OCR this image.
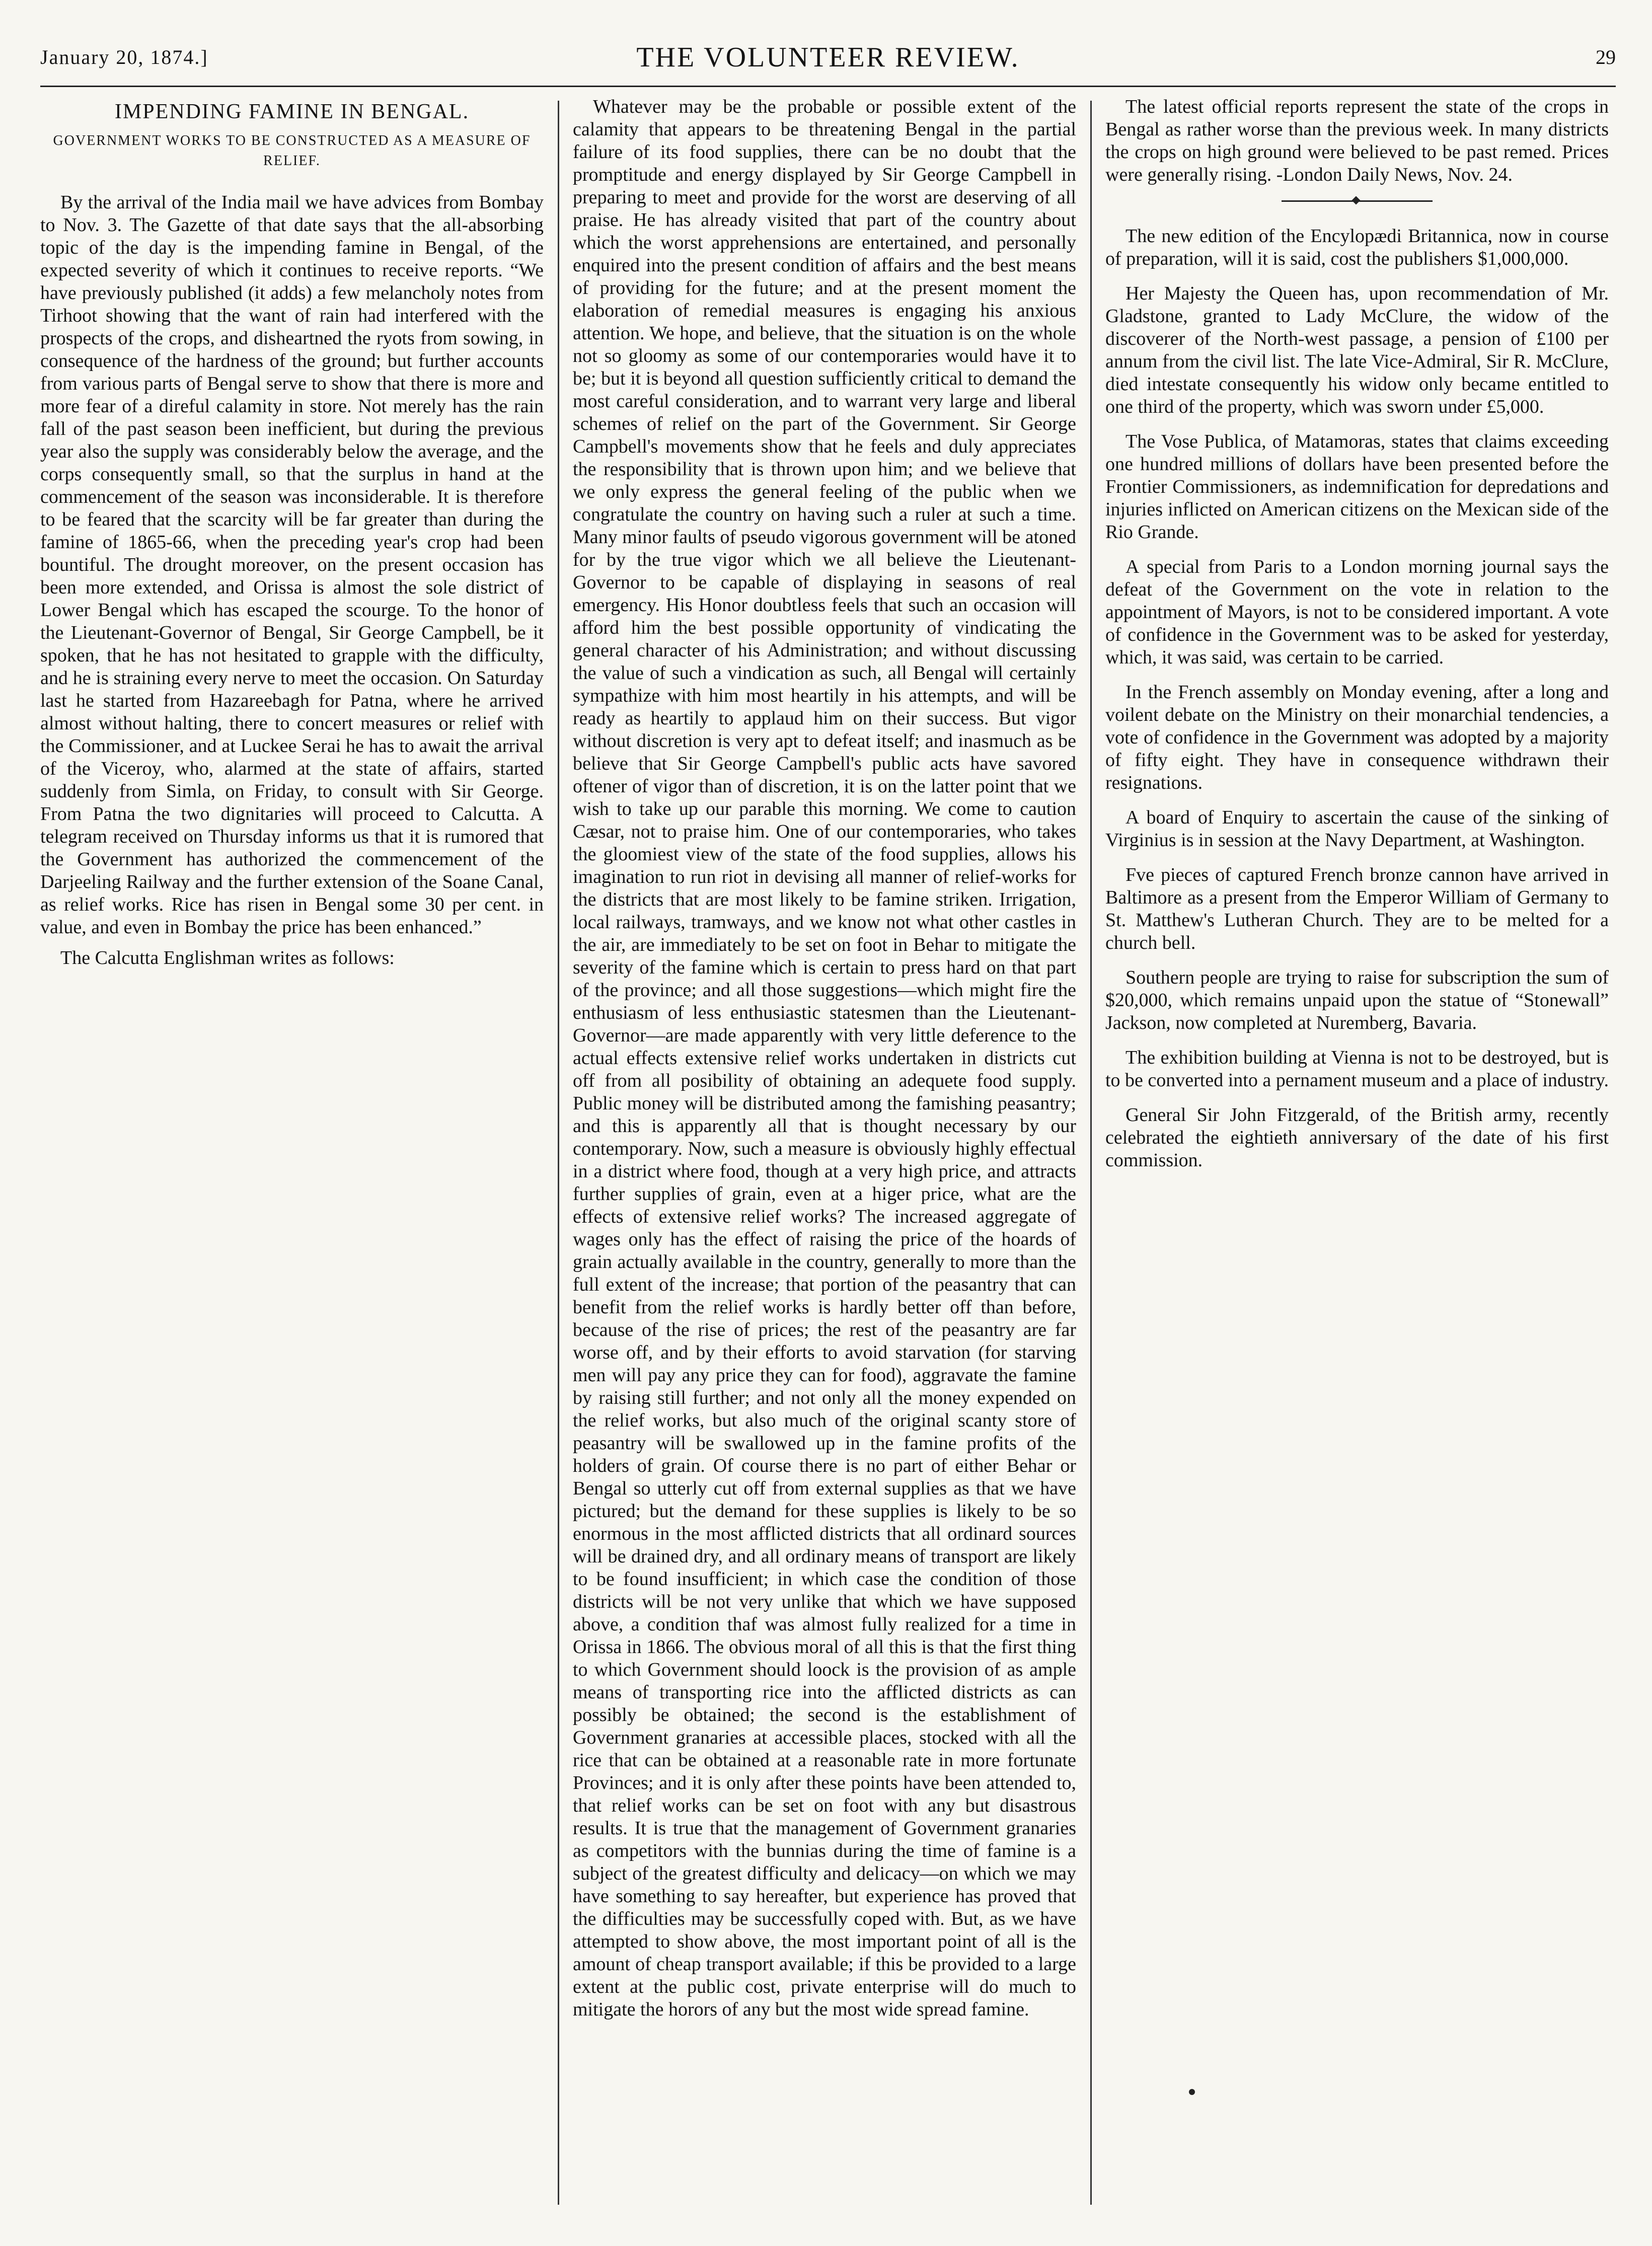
January 20, 1874.]	THE VOLUNTEER REVIEW.	29
IMPENDING FAMINE IN BENGAL.
GOVERNMENT WORKS TO BE CONSTRUCTED AS A MEASURE OF RELIEF.

By the arrival of the India mail we have advices from Bombay to Nov. 3. The Gazette of that date says that the all-absorbing topic of the day is the impending famine in Bengal, of the expected severity of which it continues to receive reports. “We have previously published (it adds) a few melancholy notes from Tirhoot showing that the want of rain had interfered with the prospects of the crops, and disheartned the ryots from sowing, in consequence of the hardness of the ground; but further accounts from various parts of Bengal serve to show that there is more and more fear of a direful calamity in store. Not merely has the rain fall of the past season been inefficient, but during the previous year also the supply was considerably below the average, and the corps consequently small, so that the surplus in hand at the commencement of the season was inconsiderable. It is therefore to be feared that the scarcity will be far greater than during the famine of 1865-66, when the preceding year's crop had been bountiful. The drought moreover, on the present occasion has been more extended, and Orissa is almost the sole district of Lower Bengal which has escaped the scourge. To the honor of the Lieutenant-Governor of Bengal, Sir George Campbell, be it spoken, that he has not hesitated to grapple with the difficulty, and he is straining every nerve to meet the occasion. On Saturday last he started from Hazareebagh for Patna, where he arrived almost without halting, there to concert measures or relief with the Commissioner, and at Luckee Serai he has to await the arrival of the Viceroy, who, alarmed at the state of affairs, started suddenly from Simla, on Friday, to consult with Sir George. From Patna the two dignitaries will proceed to Calcutta. A telegram received on Thursday informs us that it is rumored that the Government has authorized the commencement of the Darjeeling Railway and the further extension of the Soane Canal, as relief works. Rice has risen in Bengal some 30 per cent. in value, and even in Bombay the price has been enhanced.”

The Calcutta Englishman writes as follows:

Whatever may be the probable or possible extent of the calamity that appears to be threatening Bengal in the partial failure of its food supplies, there can be no doubt that the promptitude and energy displayed by Sir George Campbell in preparing to meet and provide for the worst are deserving of all praise. He has already visited that part of the country about which the worst apprehensions are entertained, and personally enquired into the present condition of affairs and the best means of providing for the future; and at the present moment the elaboration of remedial measures is engaging his anxious attention. We hope, and believe, that the situation is on the whole not so gloomy as some of our contemporaries would have it to be; but it is beyond all question sufficiently critical to demand the most careful consideration, and to warrant very large and liberal schemes of relief on the part of the Government. Sir George Campbell's movements show that he feels and duly appreciates the responsibility that is thrown upon him; and we believe that we only express the general feeling of the public when we congratulate the country on having such a ruler at such a time. Many minor faults of pseudo vigorous government will be atoned for by the true vigor which we all believe the Lieutenant-Governor to be capable of displaying in seasons of real emergency. His Honor doubtless feels that such an occasion will afford him the best possible opportunity of vindicating the general character of his Administration; and without discussing the value of such a vindication as such, all Bengal will certainly sympathize with him most heartily in his attempts, and will be ready as heartily to applaud him on their success. But vigor without discretion is very apt to defeat itself; and inasmuch as be believe that Sir George Campbell's public acts have savored oftener of vigor than of discretion, it is on the latter point that we wish to take up our parable this morning. We come to caution Cæsar, not to praise him. One of our contemporaries, who takes the gloomiest view of the state of the food supplies, allows his imagination to run riot in devising all manner of relief-works for the districts that are most likely to be famine striken. Irrigation, local railways, tramways, and we know not what other castles in the air, are immediately to be set on foot in Behar to mitigate the severity of the famine which is certain to press hard on that part of the province; and all those suggestions—which might fire the enthusiasm of less enthusiastic statesmen than the Lieutenant-Governor—are made apparently with very little deference to the actual effects extensive relief works undertaken in districts cut off from all posibility of obtaining an adequete food supply. Public money will be distributed among the famishing peasantry; and this is apparently all that is thought necessary by our contemporary. Now, such a measure is obviously highly effectual in a district where food, though at a very high price, and attracts further supplies of grain, even at a higer price, what are the effects of extensive relief works? The increased aggregate of wages only has the effect of raising the price of the hoards of grain actually available in the country, generally to more than the full extent of the increase; that portion of the peasantry that can benefit from the relief works is hardly better off than before, because of the rise of prices; the rest of the peasantry are far worse off, and by their efforts to avoid starvation (for starving men will pay any price they can for food), aggravate the famine by raising still further; and not only all the money expended on the relief works, but also much of the original scanty store of peasantry will be swallowed up in the famine profits of the holders of grain. Of course there is no part of either Behar or Bengal so utterly cut off from external supplies as that we have pictured; but the demand for these supplies is likely to be so enormous in the most afflicted districts that all ordinard sources will be drained dry, and all ordinary means of transport are likely to be found insufficient; in which case the condition of those districts will be not very unlike that which we have supposed above, a condition thaf was almost fully realized for a time in Orissa in 1866. The obvious moral of all this is that the first thing to which Government should loock is the provision of as ample means of transporting rice into the afflicted districts as can possibly be obtained; the second is the establishment of Government granaries at accessible places, stocked with all the rice that can be obtained at a reasonable rate in more fortunate Provinces; and it is only after these points have been attended to, that relief works can be set on foot with any but disastrous results. It is true that the management of Government granaries as competitors with the bunnias during the time of famine is a subject of the greatest difficulty and delicacy—on which we may have something to say hereafter, but experience has proved that the difficulties may be successfully coped with. But, as we have attempted to show above, the most important point of all is the amount of cheap transport available; if this be provided to a large extent at the public cost, private enterprise will do much to mitigate the horors of any but the most wide spread famine.

The latest official reports represent the state of the crops in Bengal as rather worse than the previous week. In many districts the crops on high ground were believed to be past remed. Prices were generally rising. -London Daily News, Nov. 24.

The new edition of the Encylopædi Britannica, now in course of preparation, will it is said, cost the publishers $1,000,000.

Her Majesty the Queen has, upon recommendation of Mr. Gladstone, granted to Lady McClure, the widow of the discoverer of the North-west passage, a pension of £100 per annum from the civil list. The late Vice-Admiral, Sir R. McClure, died intestate consequently his widow only became entitled to one third of the property, which was sworn under £5,000.

The Vose Publica, of Matamoras, states that claims exceeding one hundred millions of dollars have been presented before the Frontier Commissioners, as indemnification for depredations and injuries inflicted on American citizens on the Mexican side of the Rio Grande.

A special from Paris to a London morning journal says the defeat of the Government on the vote in relation to the appointment of Mayors, is not to be considered important. A vote of confidence in the Government was to be asked for yesterday, which, it was said, was certain to be carried.

In the French assembly on Monday evening, after a long and voilent debate on the Ministry on their monarchial tendencies, a vote of confidence in the Government was adopted by a majority of fifty eight. They have in consequence withdrawn their resignations.

A board of Enquiry to ascertain the cause of the sinking of Virginius is in session at the Navy Department, at Washington.

Fve pieces of captured French bronze cannon have arrived in Baltimore as a present from the Emperor William of Germany to St. Matthew's Lutheran Church. They are to be melted for a church bell.

Southern people are trying to raise for subscription the sum of $20,000, which remains unpaid upon the statue of “Stonewall” Jackson, now completed at Nuremberg, Bavaria.

The exhibition building at Vienna is not to be destroyed, but is to be converted into a pernament museum and a place of industry.

General Sir John Fitzgerald, of the British army, recently celebrated the eightieth anniversary of the date of his first commission.
